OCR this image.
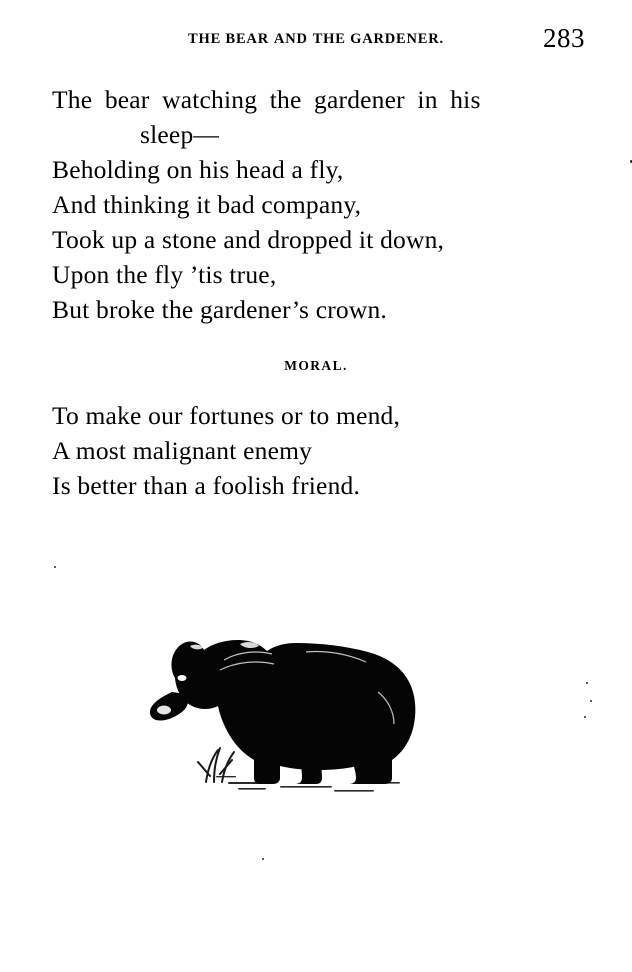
THE BEAR AND THE GARDENER.	283
The bear watching the gardener in his
sleep—
Beholding on his head a fly,
And thinking it bad company,
Took up a stone and dropped it down,
Upon the fly ’tis true,
But broke the gardener’s crown.
MORAL.
To make our fortunes or to mend,
A most malignant enemy
Is better than a foolish friend.
